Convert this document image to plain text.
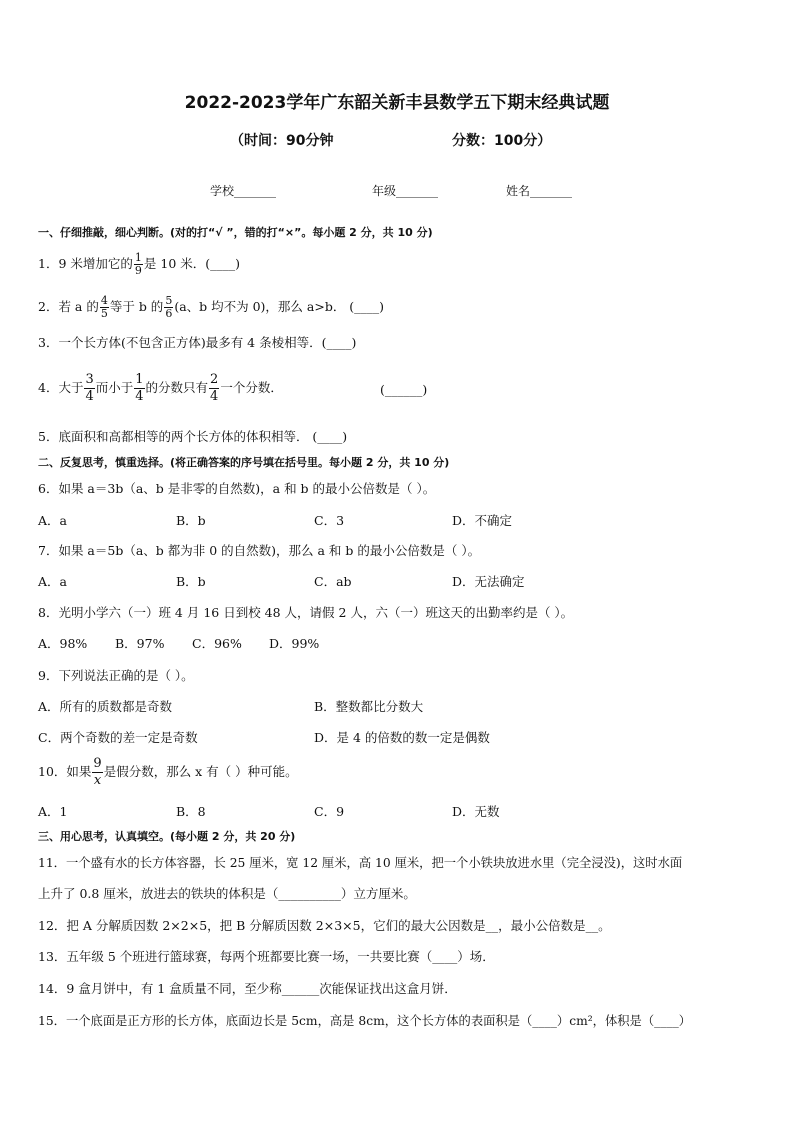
2022-2023学年广东韶关新丰县数学五下期末经典试题
（时间：90分钟	分数：100分）
学校_______	年级_______	姓名_______
一、仔细推敲，细心判断。(对的打“√ ”，错的打“×”。每小题 2 分，共 10 分)
1．9 米增加它的 $\frac{1}{9}$ 是 10 米．(____)
2．若 a 的 $\frac{4}{5}$ 等于 b 的 $\frac{5}{6} (a$、b 均不为 0)，那么 a>b． (____)
3．一个长方体(不包含正方体)最多有 4 条棱相等．(____)
4．大于 $\frac{3}{4}$ 而小于 $\frac{1}{4}$ 的分数只有 $\frac{2}{4}$ 一个分数．	(______)
5．底面积和高都相等的两个长方体的体积相等． (____)
二、反复思考，慎重选择。(将正确答案的序号填在括号里。每小题 2 分，共 10 分)
6．如果 a＝3b（a、b 是非零的自然数)，a 和 b 的最小公倍数是（ ）。
A．a	B．b	C．3	D．不确定
7．如果 a＝5b（a、b 都为非 0 的自然数)，那么 a 和 b 的最小公倍数是（ ）。
A．a	B．b	C．ab	D．无法确定
8．光明小学六（一）班 4 月 16 日到校 48 人，请假 2 人，六（一）班这天的出勤率约是（ ）。
A．98% B．97% C．96% D．99%
9．下列说法正确的是（ ）。
A．所有的质数都是奇数	B．整数都比分数大
C．两个奇数的差一定是奇数	D．是 4 的倍数的数一定是偶数
10．如果 $\frac{9}{x}$ 是假分数，那么 x 有（ ）种可能。
A．1	B．8	C．9	D．无数
三、用心思考，认真填空。(每小题 2 分，共 20 分)
11．一个盛有水的长方体容器，长 25 厘米，宽 12 厘米，高 10 厘米，把一个小铁块放进水里（完全浸没)，这时水面
上升了 0.8 厘米，放进去的铁块的体积是（__________）立方厘米。
12．把 A 分解质因数 2×2×5，把 B 分解质因数 2×3×5，它们的最大公因数是__，最小公倍数是__。
13．五年级 5 个班进行篮球赛，每两个班都要比赛一场，一共要比赛（____）场．
14．9 盒月饼中，有 1 盒质量不同，至少称______次能保证找出这盒月饼．
15．一个底面是正方形的长方体，底面边长是 5cm，高是 8cm，这个长方体的表面积是（____）cm²，体积是（____）
